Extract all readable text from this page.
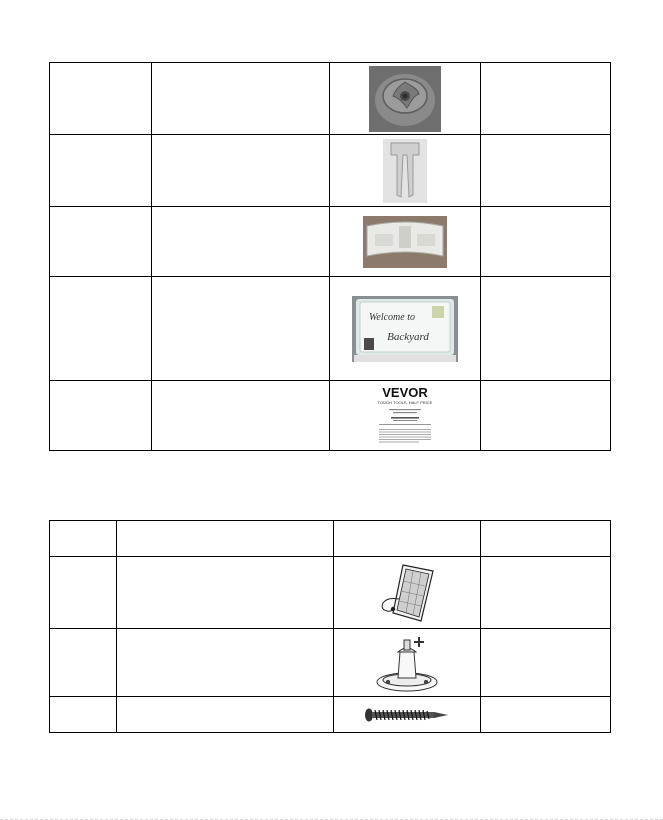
Welcome to
Backyard	

VEVOR
TOUGH TOOLS, HALF PRICE	
